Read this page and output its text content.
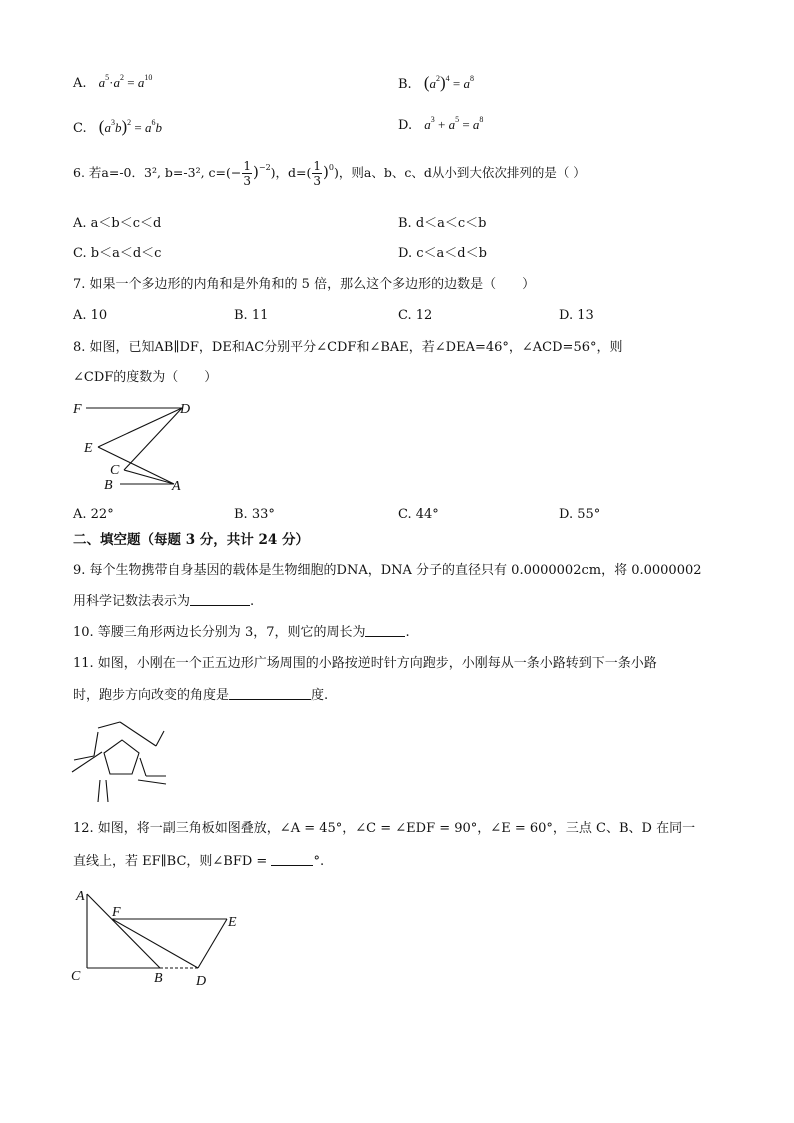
A. $a^5\cdot a^2 = a^{10}$	B. $(a^2)^4 = a^8$
C. $(a^3b)^2 = a^6b$	D. $a^3 + a^5 = a^8$
6. 若a=-0．3², b=-3², $c=(- \frac{1}{3} )^{-2}$)，$d=( \frac{1}{3} )^0$)，则a、b、c、d从小到大依次排列的是（ ）
A. a＜b＜c＜d	B. d＜a＜c＜b
C. b＜a＜d＜c	D. c＜a＜d＜b
7. 如果一个多边形的内角和是外角和的 5 倍，那么这个多边形的边数是（　　）
A. 10	B. 11	C. 12	D. 13
8. 如图，已知AB∥DF，DE和AC分别平分∠CDF和∠BAE，若∠DEA=46°，∠ACD=56°，则
∠CDF的度数为（　　）
F	D
E
C
B	A
A. 22°	B. 33°	C. 44°	D. 55°
二、填空题（每题 3 分，共计 24 分）
9. 每个生物携带自身基因的载体是生物细胞的DNA，DNA 分子的直径只有 0.0000002cm，将 0.0000002
用科学记数法表示为	.
10. 等腰三角形两边长分别为 3，7，则它的周长为	.
11. 如图，小刚在一个正五边形广场周围的小路按逆时针方向跑步，小刚每从一条小路转到下一条小路
时，跑步方向改变的角度是	度.
12. 如图，将一副三角板如图叠放，∠A = 45°，∠C = ∠EDF = 90°，∠E = 60°，三点 C、B、D 在同一
直线上，若 EF∥BC，则∠BFD =	°.
A
F
E
C	B D
